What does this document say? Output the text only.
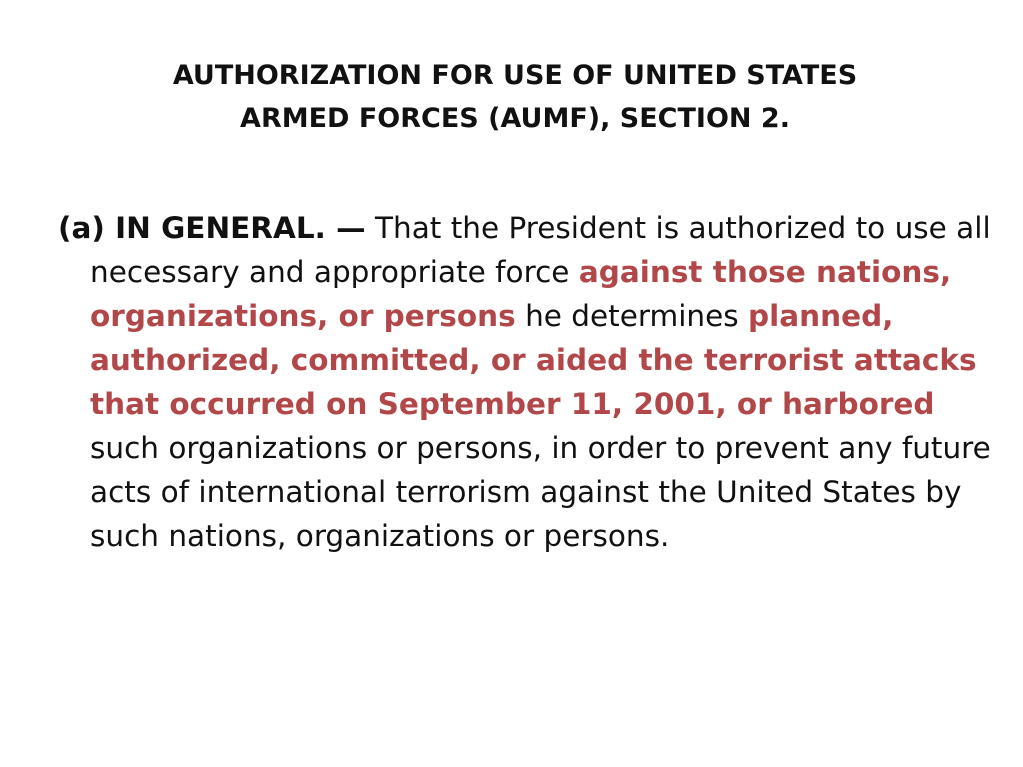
AUTHORIZATION FOR USE OF UNITED STATES
ARMED FORCES (AUMF), SECTION 2.

(a) IN GENERAL. — That the President is authorized to use all necessary and appropriate force against those nations, organizations, or persons he determines planned, authorized, committed, or aided the terrorist attacks that occurred on September 11, 2001, or harbored such organizations or persons, in order to prevent any future acts of international terrorism against the United States by such nations, organizations or persons.
